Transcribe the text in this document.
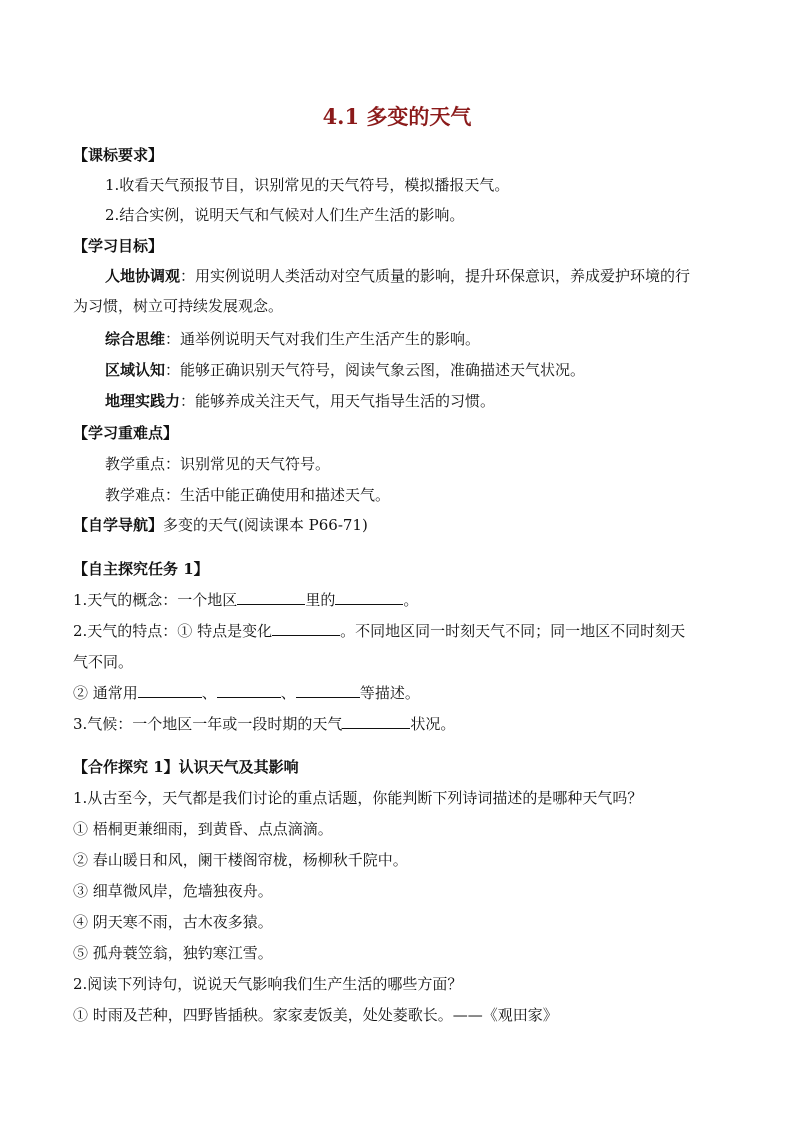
4.1 多变的天气
【课标要求】
1.收看天气预报节目，识别常见的天气符号，模拟播报天气。
2.结合实例，说明天气和气候对人们生产生活的影响。
【学习目标】
人地协调观：用实例说明人类活动对空气质量的影响，提升环保意识，养成爱护环境的行
为习惯，树立可持续发展观念。
综合思维：通举例说明天气对我们生产生活产生的影响。
区域认知：能够正确识别天气符号，阅读气象云图，准确描述天气状况。
地理实践力：能够养成关注天气，用天气指导生活的习惯。
【学习重难点】
教学重点：识别常见的天气符号。
教学难点：生活中能正确使用和描述天气。
【自学导航】多变的天气(阅读课本 P66-71)
【自主探究任务 1】
1.天气的概念：一个地区	里的	。
2.天气的特点：① 特点是变化	。不同地区同一时刻天气不同；同一地区不同时刻天
气不同。
② 通常用	、	、	等描述。
3.气候：一个地区一年或一段时期的天气	状况。
【合作探究 1】认识天气及其影响
1.从古至今，天气都是我们讨论的重点话题，你能判断下列诗词描述的是哪种天气吗？
① 梧桐更兼细雨，到黄昏、点点滴滴。
② 春山暖日和风，阑干楼阁帘栊，杨柳秋千院中。
③ 细草微风岸，危墙独夜舟。
④ 阴天寒不雨，古木夜多猿。
⑤ 孤舟蓑笠翁，独钓寒江雪。
2.阅读下列诗句，说说天气影响我们生产生活的哪些方面？
① 时雨及芒种，四野皆插秧。家家麦饭美，处处菱歌长。——《观田家》
